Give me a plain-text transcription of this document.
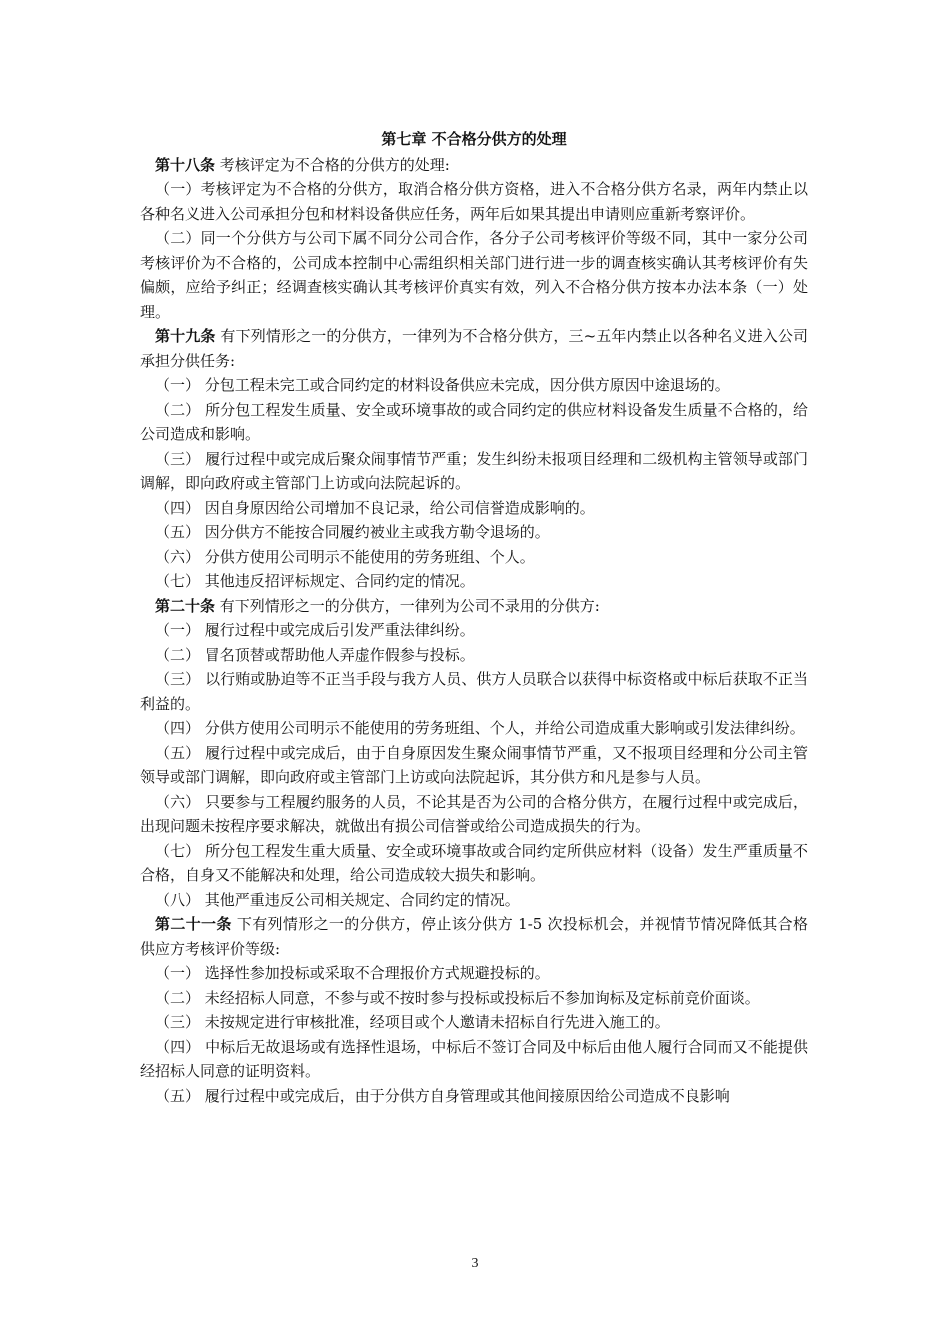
第七章 不合格分供方的处理

第十八条 考核评定为不合格的分供方的处理:

（一）考核评定为不合格的分供方，取消合格分供方资格，进入不合格分供方名录，两年内禁止以各种名义进入公司承担分包和材料设备供应任务，两年后如果其提出申请则应重新考察评价。

（二）同一个分供方与公司下属不同分公司合作，各分子公司考核评价等级不同，其中一家分公司考核评价为不合格的，公司成本控制中心需组织相关部门进行进一步的调查核实确认其考核评价有失偏颇，应给予纠正；经调查核实确认其考核评价真实有效，列入不合格分供方按本办法本条（一）处理。

第十九条 有下列情形之一的分供方，一律列为不合格分供方，三~五年内禁止以各种名义进入公司承担分供任务:

（一） 分包工程未完工或合同约定的材料设备供应未完成，因分供方原因中途退场的。

（二） 所分包工程发生质量、安全或环境事故的或合同约定的供应材料设备发生质量不合格的，给公司造成和影响。

（三） 履行过程中或完成后聚众闹事情节严重；发生纠纷未报项目经理和二级机构主管领导或部门调解，即向政府或主管部门上访或向法院起诉的。

（四） 因自身原因给公司增加不良记录，给公司信誉造成影响的。

（五） 因分供方不能按合同履约被业主或我方勒令退场的。

（六） 分供方使用公司明示不能使用的劳务班组、个人。

（七） 其他违反招评标规定、合同约定的情况。

第二十条 有下列情形之一的分供方，一律列为公司不录用的分供方:

（一） 履行过程中或完成后引发严重法律纠纷。

（二） 冒名顶替或帮助他人弄虚作假参与投标。

（三） 以行贿或胁迫等不正当手段与我方人员、供方人员联合以获得中标资格或中标后获取不正当利益的。

（四） 分供方使用公司明示不能使用的劳务班组、个人，并给公司造成重大影响或引发法律纠纷。

（五） 履行过程中或完成后，由于自身原因发生聚众闹事情节严重，又不报项目经理和分公司主管领导或部门调解，即向政府或主管部门上访或向法院起诉，其分供方和凡是参与人员。

（六） 只要参与工程履约服务的人员，不论其是否为公司的合格分供方，在履行过程中或完成后，出现问题未按程序要求解决，就做出有损公司信誉或给公司造成损失的行为。

（七） 所分包工程发生重大质量、安全或环境事故或合同约定所供应材料（设备）发生严重质量不合格，自身又不能解决和处理，给公司造成较大损失和影响。

（八） 其他严重违反公司相关规定、合同约定的情况。

第二十一条 下有列情形之一的分供方，停止该分供方 1-5 次投标机会，并视情节情况降低其合格供应方考核评价等级:

（一） 选择性参加投标或采取不合理报价方式规避投标的。

（二） 未经招标人同意，不参与或不按时参与投标或投标后不参加询标及定标前竞价面谈。

（三） 未按规定进行审核批准，经项目或个人邀请未招标自行先进入施工的。

（四） 中标后无故退场或有选择性退场，中标后不签订合同及中标后由他人履行合同而又不能提供经招标人同意的证明资料。

（五） 履行过程中或完成后，由于分供方自身管理或其他间接原因给公司造成不良影响

3
